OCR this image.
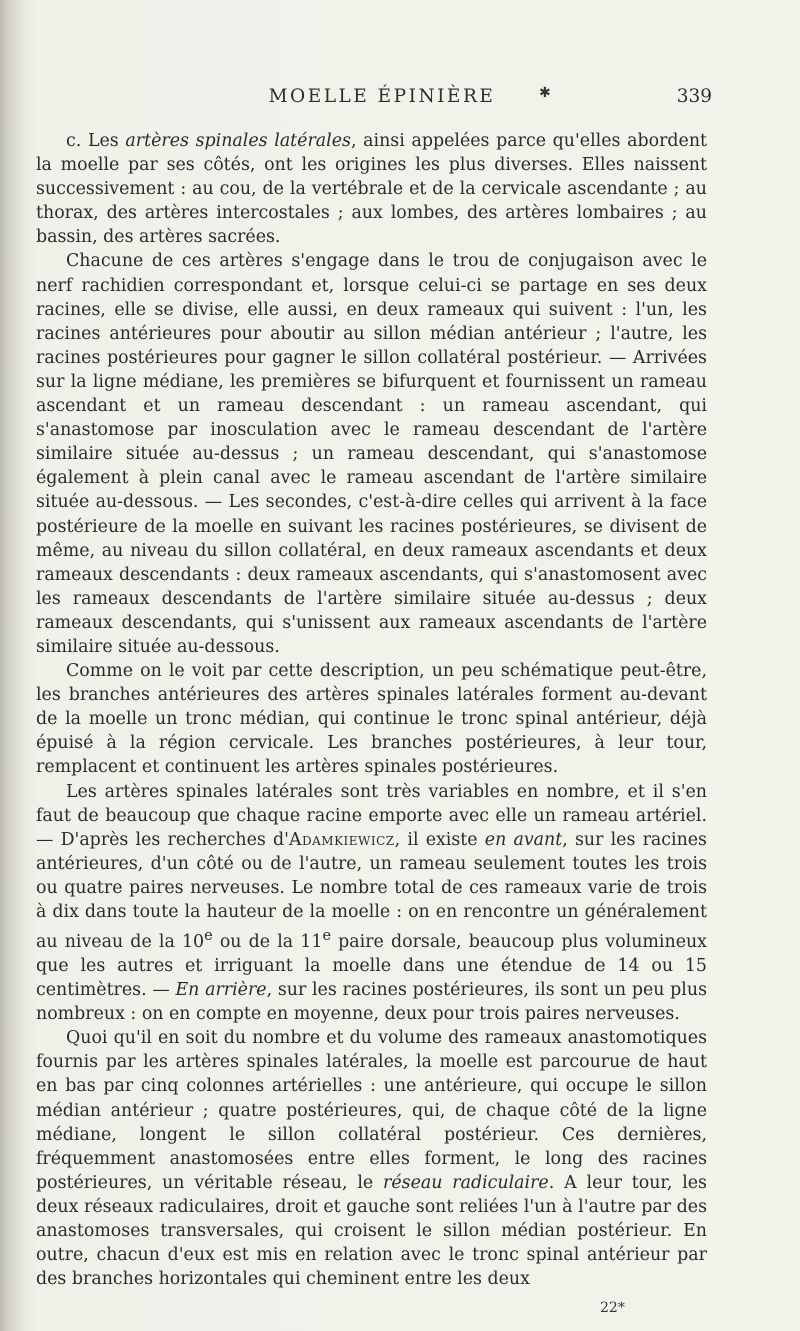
MOELLE ÉPINIÈRE	✱	339

c. Les artères spinales latérales, ainsi appelées parce qu'elles abordent la moelle par ses côtés, ont les origines les plus diverses. Elles naissent successivement : au cou, de la vertébrale et de la cervicale ascendante ; au thorax, des artères intercostales ; aux lombes, des artères lombaires ; au bassin, des artères sacrées.

Chacune de ces artères s'engage dans le trou de conjugaison avec le nerf rachidien correspondant et, lorsque celui-ci se partage en ses deux racines, elle se divise, elle aussi, en deux rameaux qui suivent : l'un, les racines antérieures pour aboutir au sillon médian antérieur ; l'autre, les racines postérieures pour gagner le sillon collatéral postérieur. — Arrivées sur la ligne médiane, les premières se bifurquent et fournissent un rameau ascendant et un rameau descendant : un rameau ascendant, qui s'anastomose par inosculation avec le rameau descendant de l'artère similaire située au-dessus ; un rameau descendant, qui s'anastomose également à plein canal avec le rameau ascendant de l'artère similaire située au-dessous. — Les secondes, c'est-à-dire celles qui arrivent à la face postérieure de la moelle en suivant les racines postérieures, se divisent de même, au niveau du sillon collatéral, en deux rameaux ascendants et deux rameaux descendants : deux rameaux ascendants, qui s'anastomosent avec les rameaux descendants de l'artère similaire située au-dessus ; deux rameaux descendants, qui s'unissent aux rameaux ascendants de l'artère similaire située au-dessous.

Comme on le voit par cette description, un peu schématique peut-être, les branches antérieures des artères spinales latérales forment au-devant de la moelle un tronc médian, qui continue le tronc spinal antérieur, déjà épuisé à la région cervicale. Les branches postérieures, à leur tour, remplacent et continuent les artères spinales postérieures.

Les artères spinales latérales sont très variables en nombre, et il s'en faut de beaucoup que chaque racine emporte avec elle un rameau artériel. — D'après les recherches d'Adamkiewicz, il existe en avant, sur les racines antérieures, d'un côté ou de l'autre, un rameau seulement toutes les trois ou quatre paires nerveuses. Le nombre total de ces rameaux varie de trois à dix dans toute la hauteur de la moelle : on en rencontre un généralement au niveau de la 10e ou de la 11e paire dorsale, beaucoup plus volumineux que les autres et irriguant la moelle dans une étendue de 14 ou 15 centimètres. — En arrière, sur les racines postérieures, ils sont un peu plus nombreux : on en compte en moyenne, deux pour trois paires nerveuses.

Quoi qu'il en soit du nombre et du volume des rameaux anastomotiques fournis par les artères spinales latérales, la moelle est parcourue de haut en bas par cinq colonnes artérielles : une antérieure, qui occupe le sillon médian antérieur ; quatre postérieures, qui, de chaque côté de la ligne médiane, longent le sillon collatéral postérieur. Ces dernières, fréquemment anastomosées entre elles forment, le long des racines postérieures, un véritable réseau, le réseau radiculaire. A leur tour, les deux réseaux radiculaires, droit et gauche sont reliées l'un à l'autre par des anastomoses transversales, qui croisent le sillon médian postérieur. En outre, chacun d'eux est mis en relation avec le tronc spinal antérieur par des branches horizontales qui cheminent entre les deux

22*
